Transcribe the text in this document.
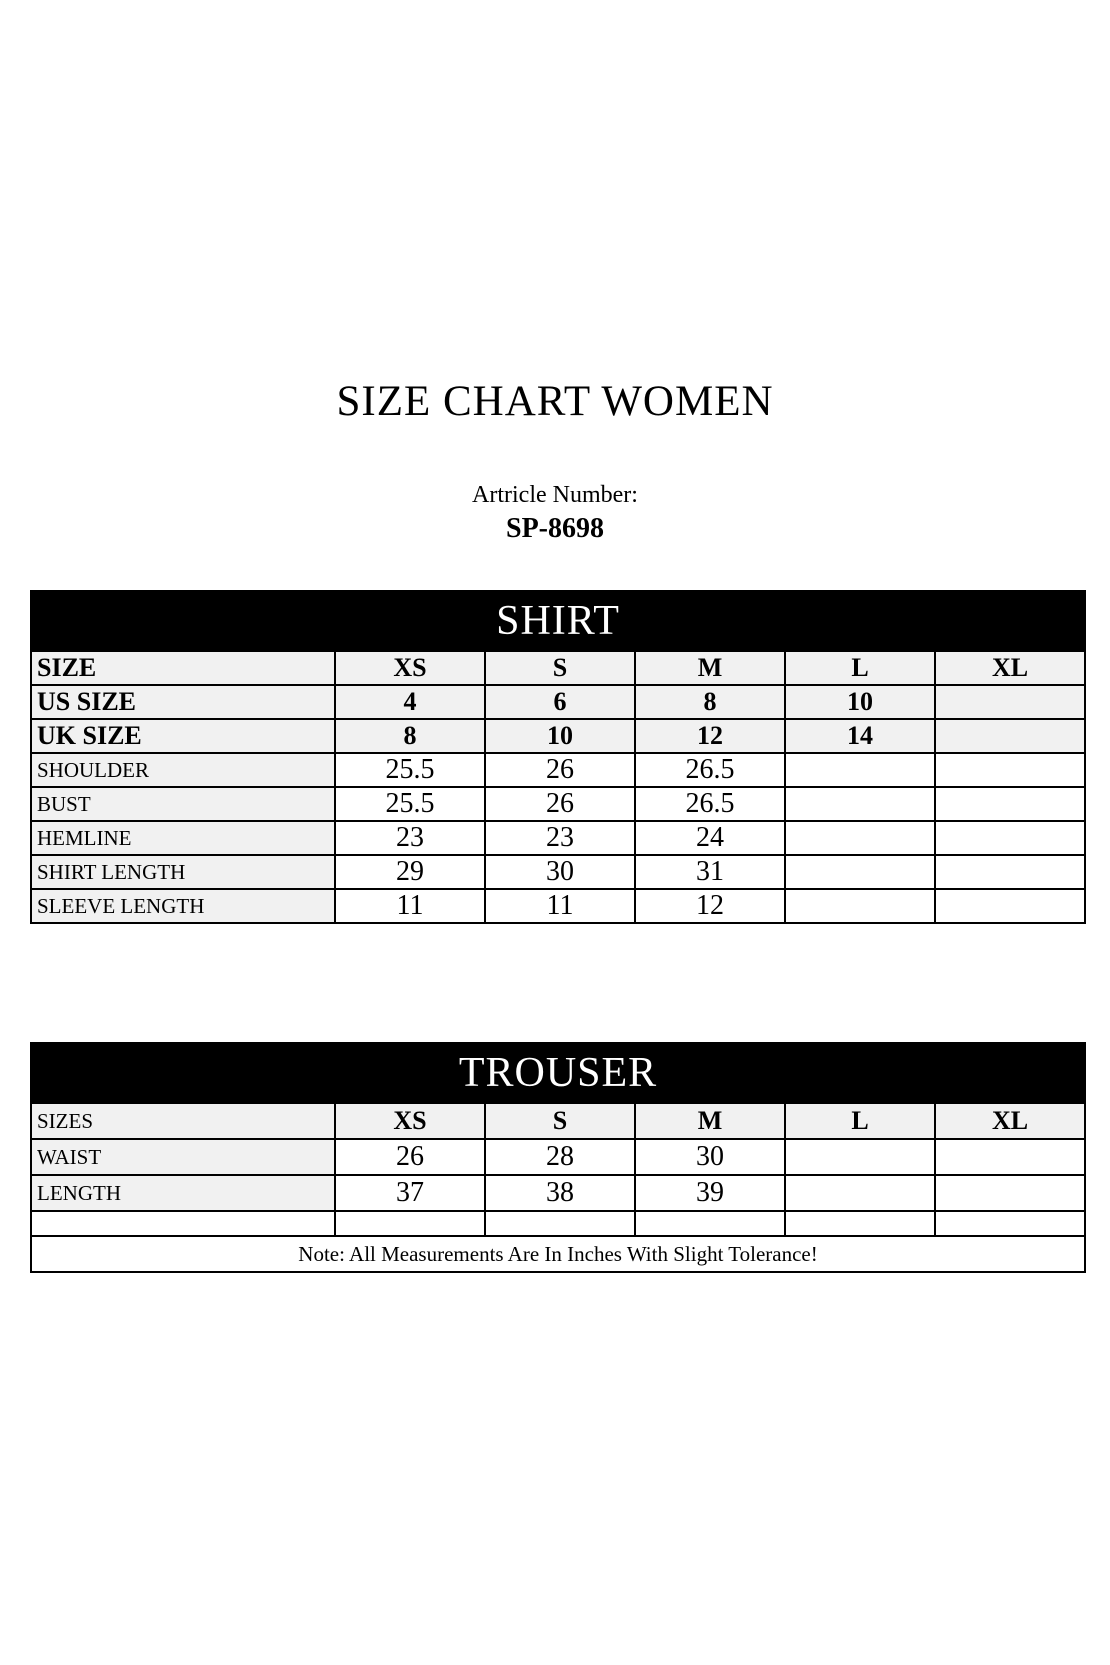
SIZE CHART WOMEN
Artricle Number:
SP-8698
SHIRT					
SIZE	XS	S	M	L	XL
US SIZE	4	6	8	10	
UK SIZE	8	10	12	14	
SHOULDER	25.5	26	26.5		
BUST	25.5	26	26.5		
HEMLINE	23	23	24		
SHIRT LENGTH	29	30	31		
SLEEVE LENGTH	11	11	12		
TROUSER					
SIZES	XS	S	M	L	XL
WAIST	26	28	30		
LENGTH	37	38	39		

Note: All Measurements Are In Inches With Slight Tolerance!					
